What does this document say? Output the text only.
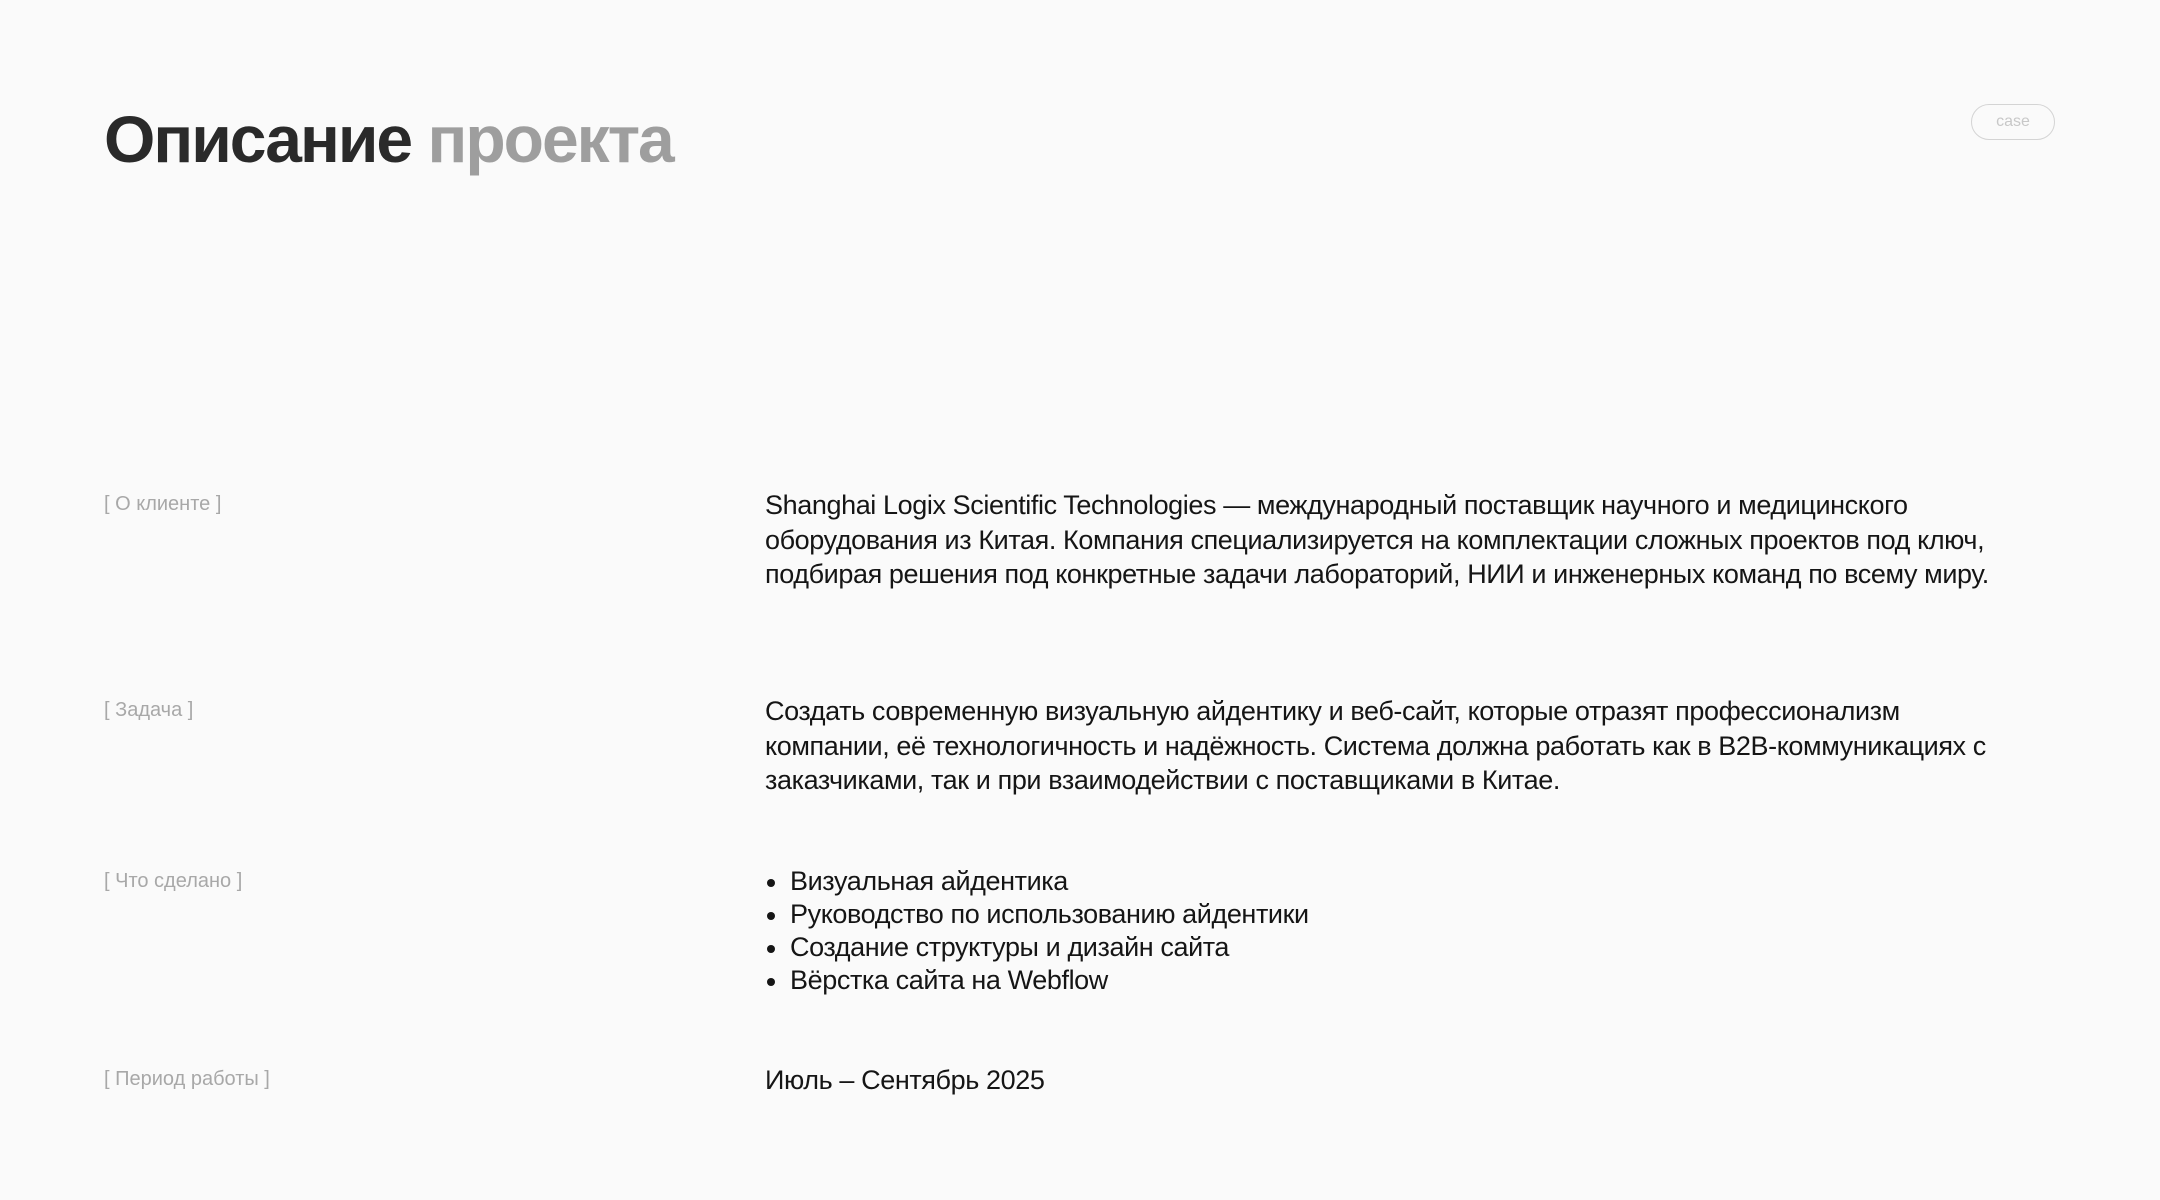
Описание проекта	case
[ О клиенте ]	Shanghai Logix Scientific Technologies — международный поставщик научного и медицинского оборудования из Китая. Компания специализируется на комплектации сложных проектов под ключ, подбирая решения под конкретные задачи лабораторий, НИИ и инженерных команд по всему миру.

[ Задача ]	Создать современную визуальную айдентику и веб-сайт, которые отразят профессионализм компании, её технологичность и надёжность. Система должна работать как в B2B-коммуникациях с заказчиками, так и при взаимодействии с поставщиками в Китае.

[ Что сделано ]	Визуальная айдентика
Руководство по использованию айдентики
Создание структуры и дизайн сайта
Вёрстка сайта на Webflow
[ Период работы ]	Июль – Сентябрь 2025
